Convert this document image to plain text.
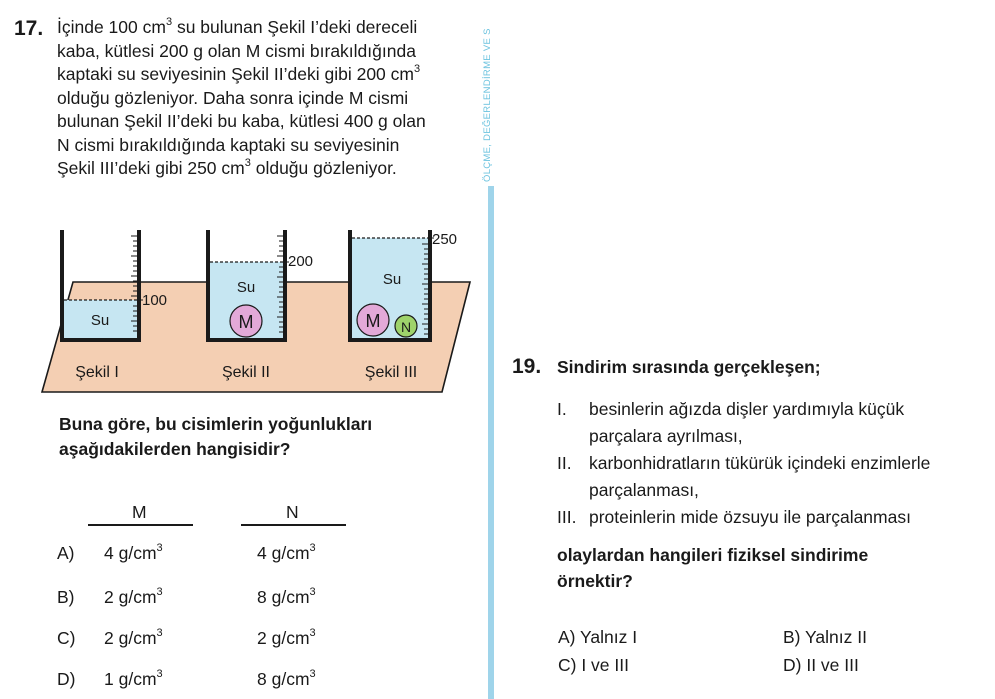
ÖLÇME, DEĞERLENDİRME VE S
17. İçinde 100 $cm^3$ su bulunan Şekil I’deki dereceli
kaba, kütlesi 200 g olan M cismi bırakıldığında
kaptaki su seviyesinin Şekil II’deki gibi 200 $cm^3$
olduğu gözleniyor. Daha sonra içinde M cismi
bulunan Şekil II’deki bu kaba, kütlesi 400 g olan
N cismi bırakıldığında kaptaki su seviyesinin
Şekil III’deki gibi 250 $cm^3$ olduğu gözleniyor.
100
Su
Şekil I
200
Su
M
Şekil II
250
Su
M N
Şekil III
Buna göre, bu cisimlerin yoğunlukları
aşağıdakilerden hangisidir?
M	N
A) 4 $g/cm^3$	4 $g/cm^3$
B) 2 $g/cm^3$	8 $g/cm^3$
C) 2 $g/cm^3$	2 $g/cm^3$
D) 1 $g/cm^3$	8 $g/cm^3$
19. Sindirim sırasında gerçekleşen;
I. besinlerin ağızda dişler yardımıyla küçük
parçalara ayrılması,
II. karbonhidratların tükürük içindeki enzimlerle
parçalanması,
III. proteinlerin mide özsuyu ile parçalanması
olaylardan hangileri fiziksel sindirime
örnektir?
A) Yalnız I	B) Yalnız II
C) I ve III	D) II ve III
